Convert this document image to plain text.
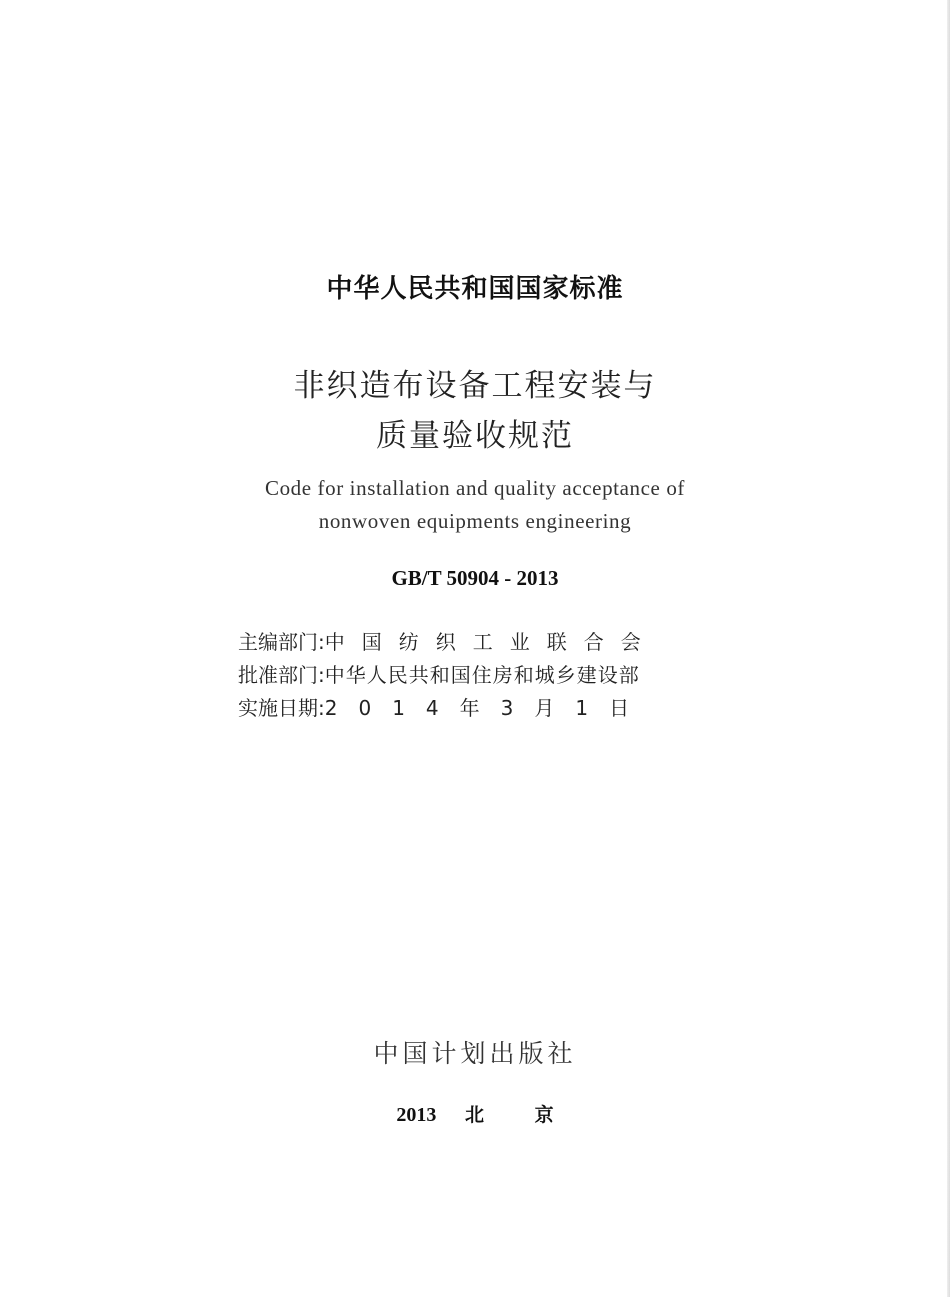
中华人民共和国国家标准
非织造布设备工程安装与
质量验收规范
Code for installation and quality acceptance of
nonwoven equipments engineering
GB/T 50904 - 2013
主编部门: 中国纺织工业联合会
批准部门: 中华人民共和国住房和城乡建设部
实施日期: 2014年3月1日
中国计划出版社
2013 北	京
